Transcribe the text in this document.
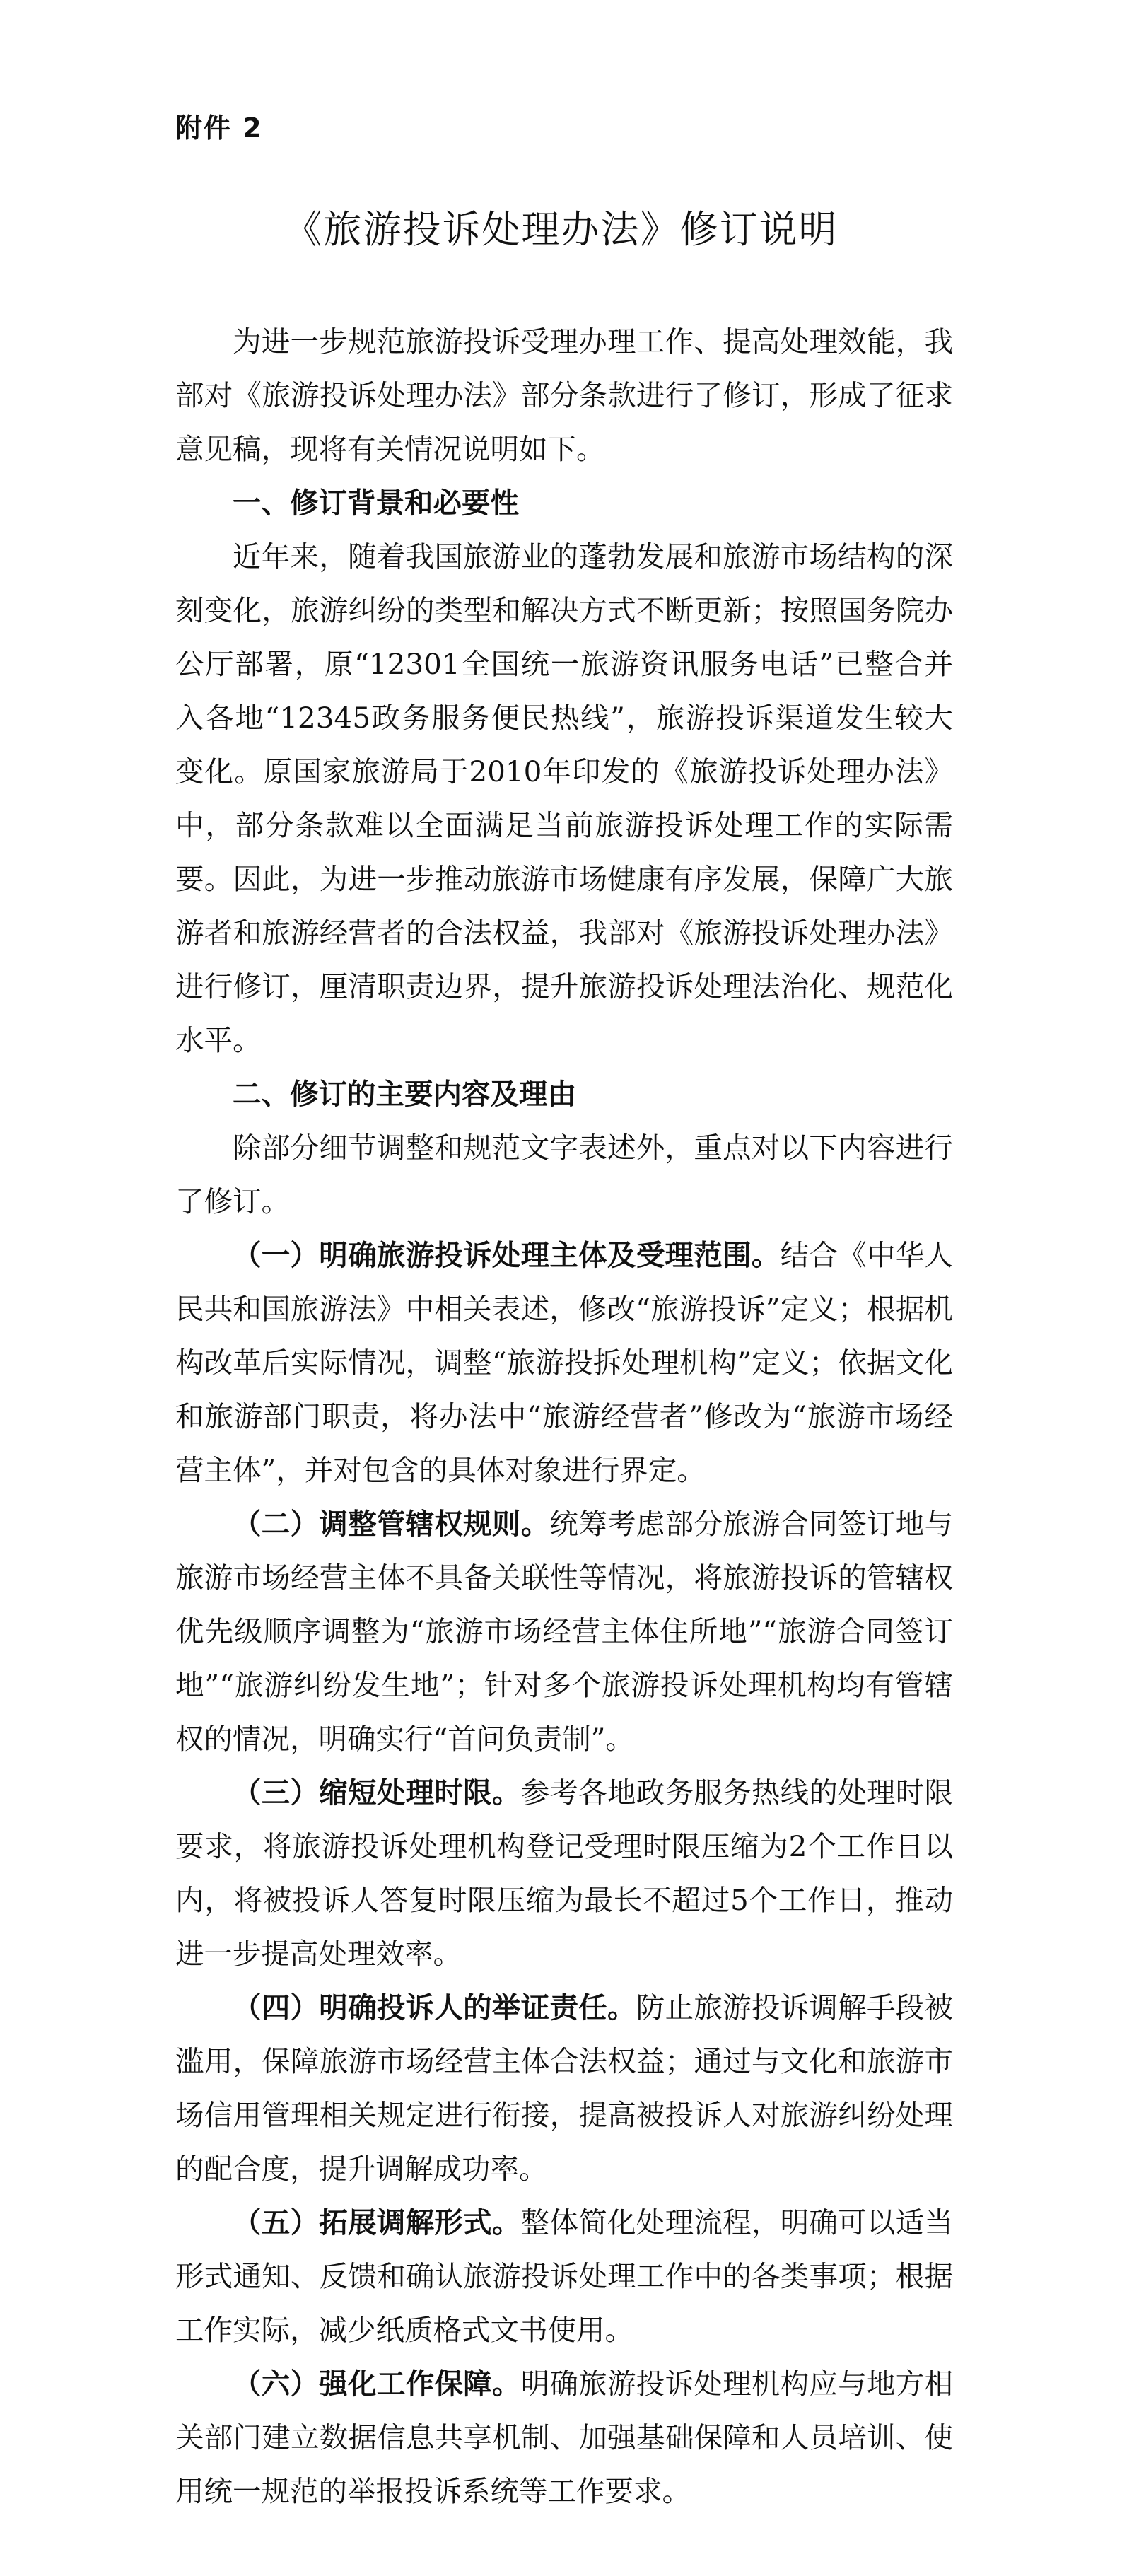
附件 2
《旅游投诉处理办法》修订说明

为进一步规范旅游投诉受理办理工作、提高处理效能，我部对《旅游投诉处理办法》部分条款进行了修订，形成了征求意见稿，现将有关情况说明如下。

一、修订背景和必要性

近年来，随着我国旅游业的蓬勃发展和旅游市场结构的深刻变化，旅游纠纷的类型和解决方式不断更新；按照国务院办公厅部署，原“12301全国统一旅游资讯服务电话”已整合并入各地“12345政务服务便民热线”，旅游投诉渠道发生较大变化。原国家旅游局于2010年印发的《旅游投诉处理办法》中，部分条款难以全面满足当前旅游投诉处理工作的实际需要。因此，为进一步推动旅游市场健康有序发展，保障广大旅游者和旅游经营者的合法权益，我部对《旅游投诉处理办法》进行修订，厘清职责边界，提升旅游投诉处理法治化、规范化水平。

二、修订的主要内容及理由

除部分细节调整和规范文字表述外，重点对以下内容进行了修订。

（一）明确旅游投诉处理主体及受理范围。结合《中华人民共和国旅游法》中相关表述，修改“旅游投诉”定义；根据机构改革后实际情况，调整“旅游投拆处理机构”定义；依据文化和旅游部门职责，将办法中“旅游经营者”修改为“旅游市场经营主体”，并对包含的具体对象进行界定。

（二）调整管辖权规则。统筹考虑部分旅游合同签订地与旅游市场经营主体不具备关联性等情况，将旅游投诉的管辖权优先级顺序调整为“旅游市场经营主体住所地”“旅游合同签订地”“旅游纠纷发生地”；针对多个旅游投诉处理机构均有管辖权的情况，明确实行“首问负责制”。

（三）缩短处理时限。参考各地政务服务热线的处理时限要求，将旅游投诉处理机构登记受理时限压缩为2个工作日以内，将被投诉人答复时限压缩为最长不超过5个工作日，推动进一步提高处理效率。

（四）明确投诉人的举证责任。防止旅游投诉调解手段被滥用，保障旅游市场经营主体合法权益；通过与文化和旅游市场信用管理相关规定进行衔接，提高被投诉人对旅游纠纷处理的配合度，提升调解成功率。

（五）拓展调解形式。整体简化处理流程，明确可以适当形式通知、反馈和确认旅游投诉处理工作中的各类事项；根据工作实际，减少纸质格式文书使用。

（六）强化工作保障。明确旅游投诉处理机构应与地方相关部门建立数据信息共享机制、加强基础保障和人员培训、使用统一规范的举报投诉系统等工作要求。
